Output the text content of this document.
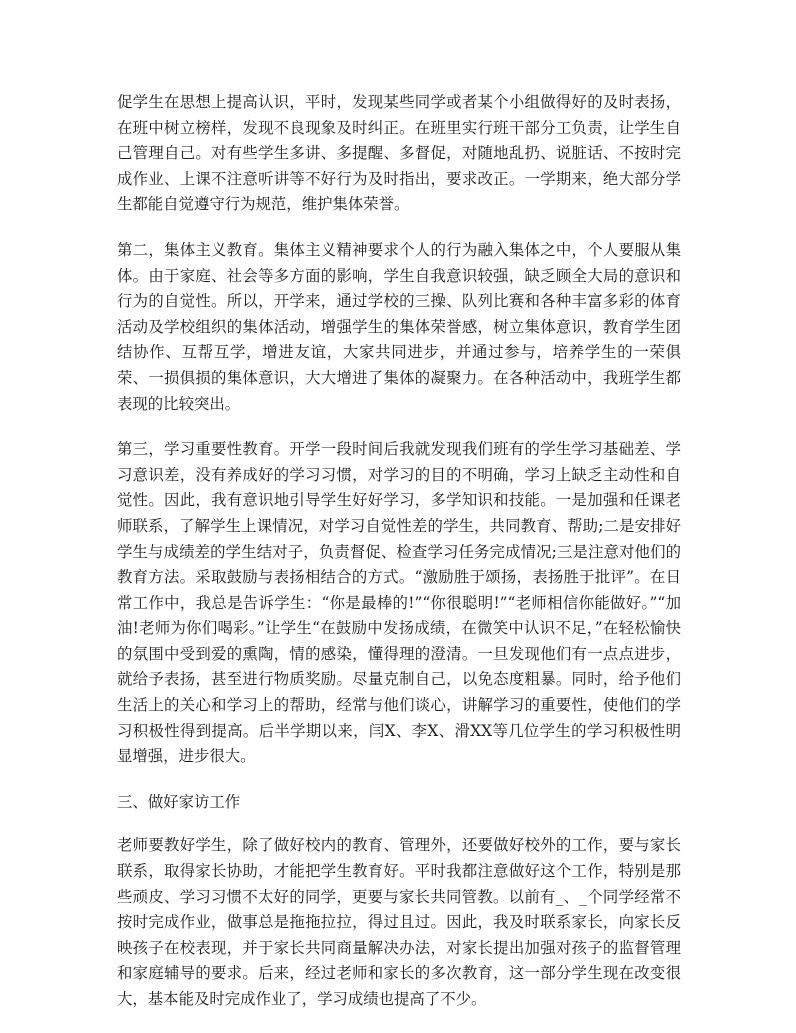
促学生在思想上提高认识，平时，发现某些同学或者某个小组做得好的及时表扬，在班中树立榜样，发现不良现象及时纠正。在班里实行班干部分工负责，让学生自己管理自己。对有些学生多讲、多提醒、多督促，对随地乱扔、说脏话、不按时完成作业、上课不注意听讲等不好行为及时指出，要求改正。一学期来，绝大部分学生都能自觉遵守行为规范，维护集体荣誉。

第二，集体主义教育。集体主义精神要求个人的行为融入集体之中，个人要服从集体。由于家庭、社会等多方面的影响，学生自我意识较强，缺乏顾全大局的意识和行为的自觉性。所以，开学来，通过学校的三操、队列比赛和各种丰富多彩的体育活动及学校组织的集体活动，增强学生的集体荣誉感，树立集体意识，教育学生团结协作、互帮互学，增进友谊，大家共同进步，并通过参与，培养学生的一荣俱荣、一损俱损的集体意识，大大增进了集体的凝聚力。在各种活动中，我班学生都表现的比较突出。

第三，学习重要性教育。开学一段时间后我就发现我们班有的学生学习基础差、学习意识差，没有养成好的学习习惯，对学习的目的不明确，学习上缺乏主动性和自觉性。因此，我有意识地引导学生好好学习，多学知识和技能。一是加强和任课老师联系，了解学生上课情况，对学习自觉性差的学生，共同教育、帮助;二是安排好学生与成绩差的学生结对子，负责督促、检查学习任务完成情况;三是注意对他们的教育方法。采取鼓励与表扬相结合的方式。“激励胜于颂扬，表扬胜于批评”。在日常工作中，我总是告诉学生：“你是最棒的!”“你很聪明!”“老师相信你能做好。”“加油!老师为你们喝彩。”让学生“在鼓励中发扬成绩，在微笑中认识不足，”在轻松愉快的氛围中受到爱的熏陶，情的感染，懂得理的澄清。一旦发现他们有一点点进步，就给予表扬，甚至进行物质奖励。尽量克制自己，以免态度粗暴。同时，给予他们生活上的关心和学习上的帮助，经常与他们谈心，讲解学习的重要性，使他们的学习积极性得到提高。后半学期以来，闫X、李X、滑XX等几位学生的学习积极性明显增强，进步很大。

三、做好家访工作

老师要教好学生，除了做好校内的教育、管理外，还要做好校外的工作，要与家长联系，取得家长协助，才能把学生教育好。平时我都注意做好这个工作，特别是那些顽皮、学习习惯不太好的同学，更要与家长共同管教。以前有_、_个同学经常不按时完成作业，做事总是拖拖拉拉，得过且过。因此，我及时联系家长，向家长反映孩子在校表现，并于家长共同商量解决办法，对家长提出加强对孩子的监督管理和家庭辅导的要求。后来，经过老师和家长的多次教育，这一部分学生现在改变很大，基本能及时完成作业了，学习成绩也提高了不少。
